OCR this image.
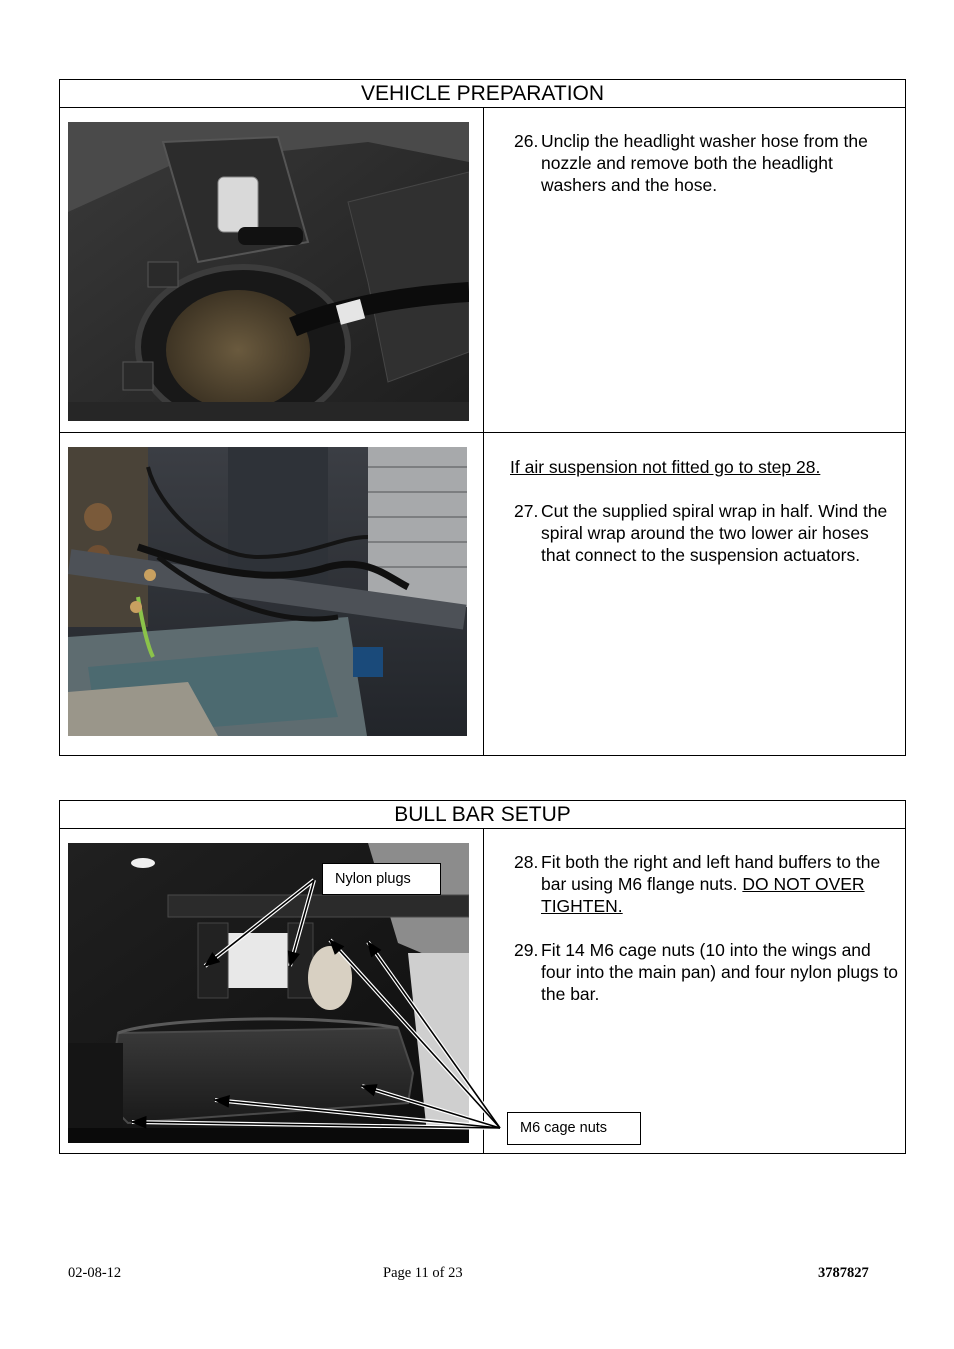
VEHICLE PREPARATION
26. Unclip the headlight washer hose from the nozzle and remove both the headlight washers and the hose.
If air suspension not fitted go to step 28.
27. Cut the supplied spiral wrap in half. Wind the spiral wrap around the two lower air hoses that connect to the suspension actuators.
BULL BAR SETUP
28. Fit both the right and left hand buffers to the bar using M6 flange nuts. DO NOT OVER TIGHTEN.
29. Fit 14 M6 cage nuts (10 into the wings and four into the main pan) and four nylon plugs to the bar.
Nylon plugs
M6 cage nuts
02-08-12	Page 11 of 23	3787827
